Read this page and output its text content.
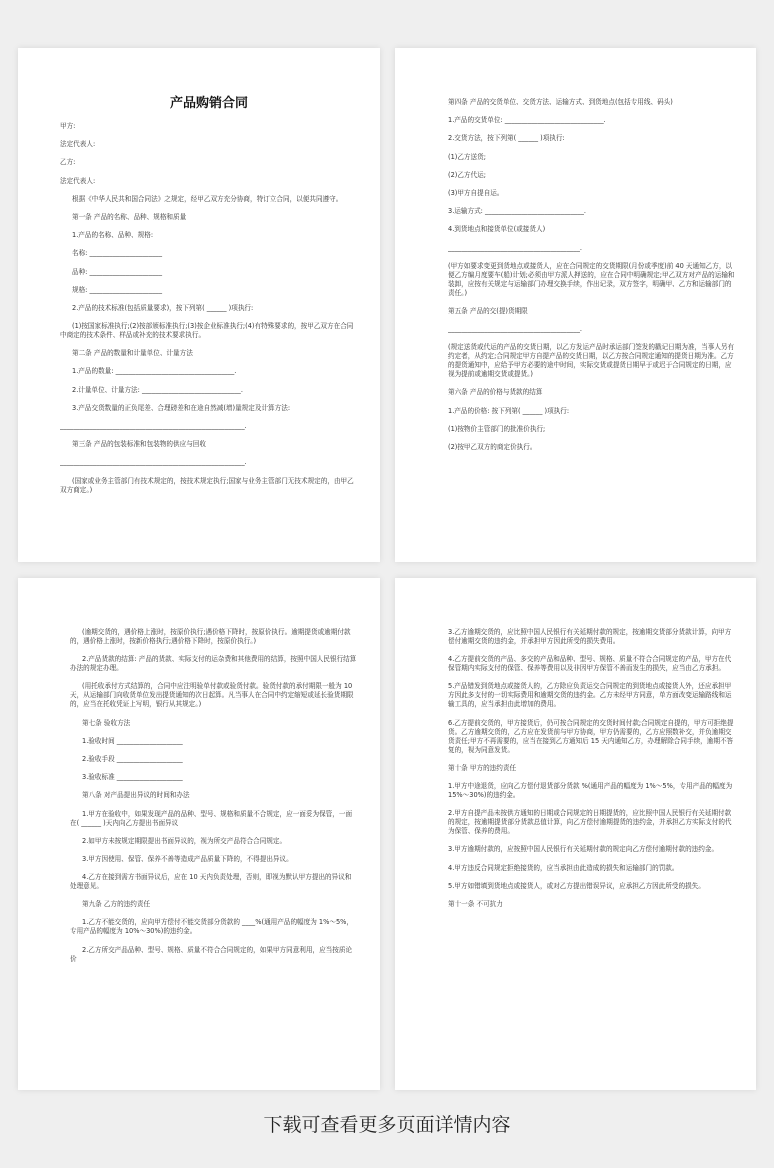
产品购销合同
甲方:
法定代表人:
乙方:
法定代表人:
根据《中华人民共和国合同法》之规定，经甲乙双方充分协商，特订立合同，以便共同遵守。
第一条 产品的名称、品种、规格和质量
1.产品的名称、品种、规格:
名称: ______________________
品种: ______________________
规格: ______________________
2.产品的技术标准(包括质量要求)，按下列第( ______ )项执行:
(1)按国家标准执行;(2)按部颁标准执行;(3)按企业标准执行;(4)有特殊要求的，按甲乙双方在合同中商定的技术条件、样品或补充的技术要求执行。
第二条 产品的数量和计量单位、计量方法
1.产品的数量: ____________________________________.
2.计量单位、计量方法: ______________________________.
3.产品交货数量的正负尾差、合理磅差和在途自然减(增)量规定及计算方法:
________________________________________________________.
第三条 产品的包装标准和包装物的供应与回收
________________________________________________________.
(国家或业务主管部门有技术规定的，按技术规定执行;国家与业务主管部门无技术规定的，由甲乙双方商定。)
第四条 产品的交货单位、交货方法、运输方式、到货地点(包括专用线、码头)
1.产品的交货单位: ______________________________.
2.交货方法，按下列第( ______ )项执行:
(1)乙方送货;
(2)乙方代运;
(3)甲方自提自运。
3.运输方式: ______________________________.
4.到货地点和接货单位(或接货人)
________________________________________.
(甲方如要求变更到货地点或接货人，应在合同规定的交货期限(月份或季度)前 40 天通知乙方，以便乙方编月度要车(船)计划;必须由甲方派人押送的，应在合同中明确规定;甲乙双方对产品的运输和装卸，应按有关规定与运输部门办理交换手续，作出记录，双方签字，明确甲、乙方和运输部门的责任。)
第五条 产品的交(提)货期限
________________________________________.
(规定送货或代运的产品的交货日期，以乙方发运产品时承运部门签发的戳记日期为准，当事人另有约定者，从约定;合同规定甲方自提产品的交货日期，以乙方按合同规定通知的提货日期为准。乙方的提货通知中，应给予甲方必要的途中时间，实际交货或提货日期早于或迟于合同规定的日期，应视为提前或逾期交货或提货。)
第六条 产品的价格与货款的结算
1.产品的价格: 按下列第( ______ )项执行:
(1)按物价主管部门的批准价执行;
(2)按甲乙双方的商定价执行。
(逾期交货的，遇价格上涨时，按原价执行;遇价格下降时，按原价执行。逾期提货或逾期付款的，遇价格上涨时，按新价格执行;遇价格下降时，按原价执行。)
2.产品货款的结算: 产品的货款、实际支付的运杂费和其他费用的结算，按照中国人民银行结算办法的规定办理。
(用托收承付方式结算的，合同中应注明验单付款或验货付款。验货付款的承付期限一般为 10 天，从运输部门向收货单位发出提货通知的次日起算。凡当事人在合同中约定缩短或延长验货期限的，应当在托收凭证上写明，银行从其规定。)
第七条 验收方法
1.验收时间 ____________________
2.验收手段 ____________________
3.验收标准 ____________________
第八条 对产品提出异议的时间和办法
1.甲方在验收中，如果发现产品的品种、型号、规格和质量不合规定，应一面妥为保管，一面在( ______ )天内向乙方提出书面异议
2.如甲方未按规定期限提出书面异议的，视为所交产品符合合同规定。
3.甲方因使用、保管、保养不善等造成产品质量下降的，不得提出异议。
4.乙方在接到需方书面异议后，应在 10 天内负责处理，否则，即视为默认甲方提出的异议和处理意见。
第九条 乙方的违约责任
1.乙方不能交货的，应向甲方偿付不能交货部分货款的 ____%(通用产品的幅度为 1%～5%，专用产品的幅度为 10%～30%)的违约金。
2.乙方所交产品品种、型号、规格、质量不符合合同规定的，如果甲方同意利用，应当按质论价
3.乙方逾期交货的，应比照中国人民银行有关延期付款的规定，按逾期交货部分货款计算，向甲方偿付逾期交货的违约金，并承担甲方因此所受的损失费用。
4.乙方提前交货的产品、多交的产品和品种、型号、规格、质量不符合合同规定的产品，甲方在代保管期内实际支付的保管、保养等费用以及非因甲方保管不善而发生的损失，应当由乙方承担。
5.产品错发到货地点或接货人的，乙方除应负责运交合同规定的到货地点或接货人外，还应承担甲方因此多支付的一切实际费用和逾期交货的违约金。乙方未经甲方同意，单方面改变运输路线和运输工具的，应当承担由此增加的费用。
6.乙方提前交货的，甲方接货后，仍可按合同规定的交货时间付款;合同规定自提的，甲方可拒绝提货。乙方逾期交货的，乙方应在发货前与甲方协商，甲方仍需要的，乙方应照数补交，并负逾期交货责任;甲方不再需要的，应当在接到乙方通知后 15 天内通知乙方，办理解除合同手续，逾期不答复的，视为同意发货。
第十条 甲方的违约责任
1.甲方中途退货，应向乙方偿付退货部分货款 %(通用产品的幅度为 1%～5%，专用产品的幅度为 15%～30%)的违约金。
2.甲方自提产品未按供方通知的日期或合同规定的日期提货的，应比照中国人民银行有关延期付款的规定，按逾期提货部分货款总值计算，向乙方偿付逾期提货的违约金，并承担乙方实际支付的代为保管、保养的费用。
3.甲方逾期付款的，应按照中国人民银行有关延期付款的规定向乙方偿付逾期付款的违约金。
4.甲方违反合同规定拒绝接货的，应当承担由此造成的损失和运输部门的罚款。
5.甲方如错填到货地点或接货人，或对乙方提出错误异议，应承担乙方因此所受的损失。
第十一条 不可抗力
下载可查看更多页面详情内容
